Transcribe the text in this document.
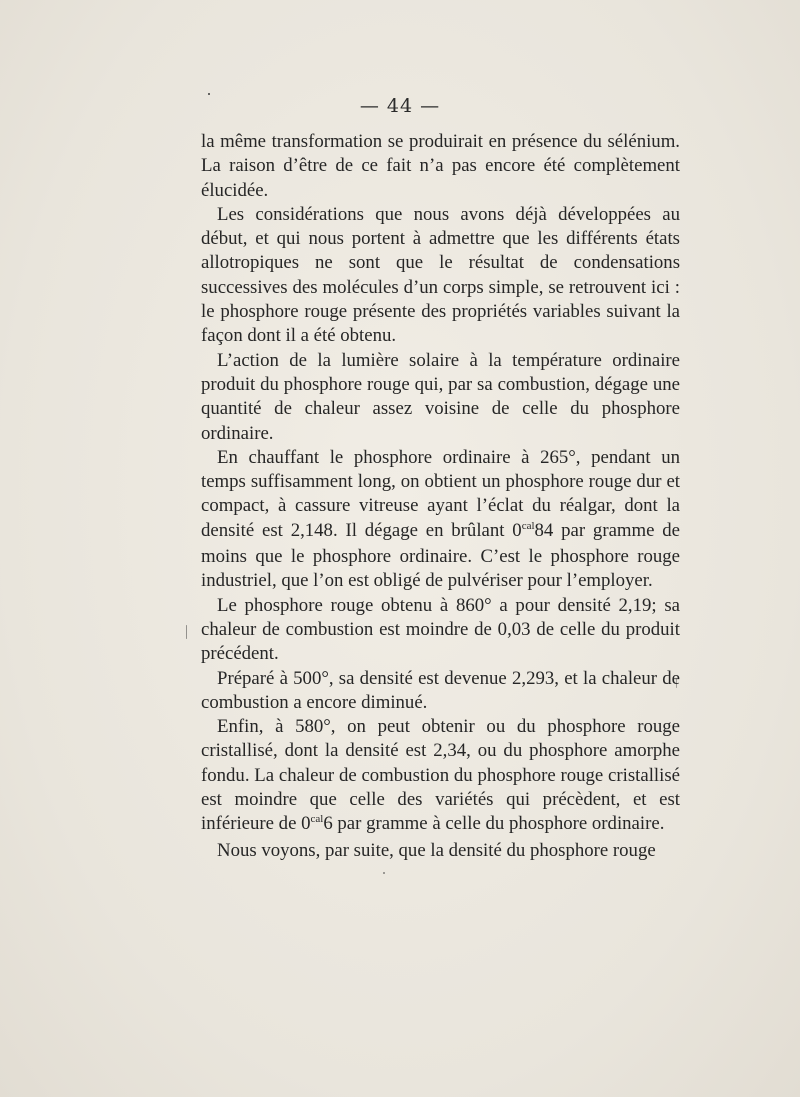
— 44 —

la même transformation se produirait en présence du sélénium. La raison d’être de ce fait n’a pas encore été complètement élucidée.

Les considérations que nous avons déjà développées au début, et qui nous portent à admettre que les différents états allotropiques ne sont que le résultat de condensations successives des molécules d’un corps simple, se retrouvent ici : le phosphore rouge présente des propriétés variables suivant la façon dont il a été obtenu.

L’action de la lumière solaire à la température ordinaire produit du phosphore rouge qui, par sa combustion, dégage une quantité de chaleur assez voisine de celle du phosphore ordinaire.

En chauffant le phosphore ordinaire à 265°, pendant un temps suffisamment long, on obtient un phosphore rouge dur et compact, à cassure vitreuse ayant l’éclat du réalgar, dont la densité est 2,148. Il dégage en brûlant $0^{cal}84$ par gramme de moins que le phosphore ordinaire. C’est le phosphore rouge industriel, que l’on est obligé de pulvériser pour l’employer.

Le phosphore rouge obtenu à 860° a pour densité 2,19; sa chaleur de combustion est moindre de 0,03 de celle du produit précédent.

Préparé à 500°, sa densité est devenue 2,293, et la chaleur de combustion a encore diminué.

Enfin, à 580°, on peut obtenir ou du phosphore rouge cristallisé, dont la densité est 2,34, ou du phosphore amorphe fondu. La chaleur de combustion du phosphore rouge cristallisé est moindre que celle des variétés qui précèdent, et est inférieure de $0^{cal}6$ par gramme à celle du phosphore ordinaire.

Nous voyons, par suite, que la densité du phosphore rouge
